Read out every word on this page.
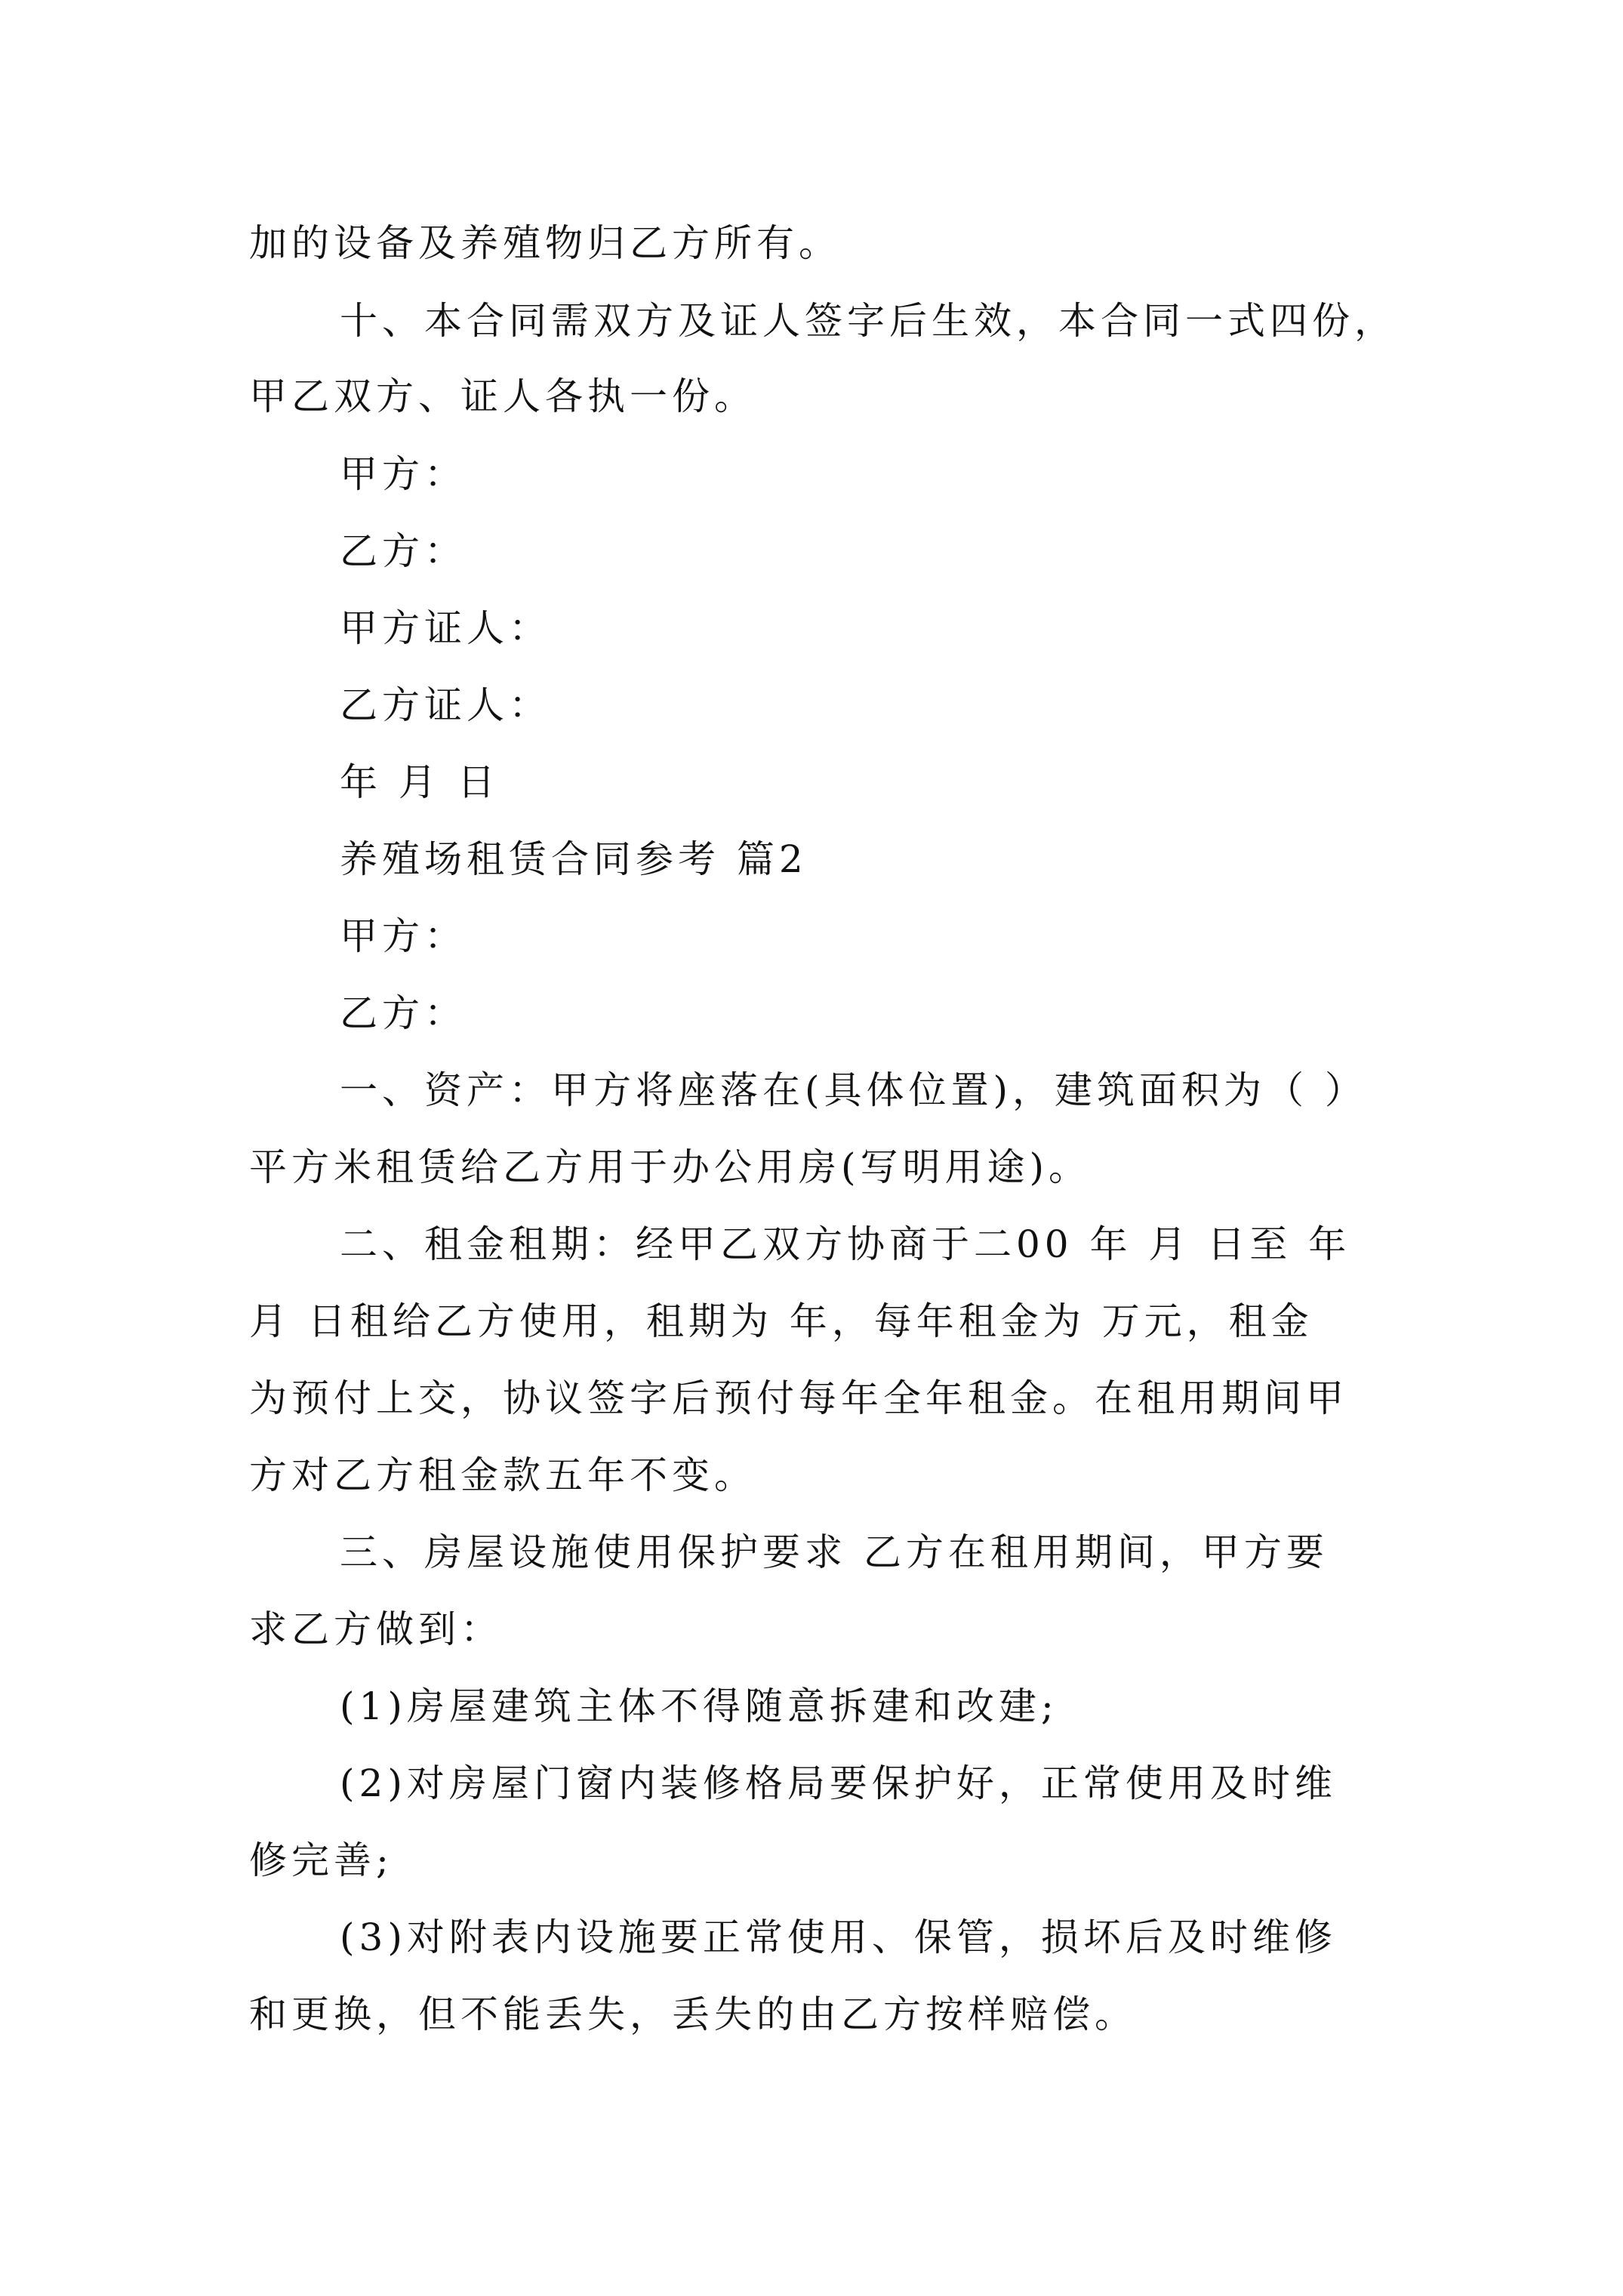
加的设备及养殖物归乙方所有。
十、本合同需双方及证人签字后生效，本合同一式四份，
甲乙双方、证人各执一份。
甲方：
乙方：
甲方证人：
乙方证人：
年 月 日
养殖场租赁合同参考 篇2
甲方：
乙方：
一、资产：甲方将座落在(具体位置)，建筑面积为（ ）
平方米租赁给乙方用于办公用房(写明用途)。
二、租金租期：经甲乙双方协商于二00 年 月 日至 年
月 日租给乙方使用，租期为 年，每年租金为 万元，租金
为预付上交，协议签字后预付每年全年租金。在租用期间甲
方对乙方租金款五年不变。
三、房屋设施使用保护要求 乙方在租用期间，甲方要
求乙方做到：
(1)房屋建筑主体不得随意拆建和改建;
(2)对房屋门窗内装修格局要保护好，正常使用及时维
修完善;
(3)对附表内设施要正常使用、保管，损坏后及时维修
和更换，但不能丢失，丢失的由乙方按样赔偿。
